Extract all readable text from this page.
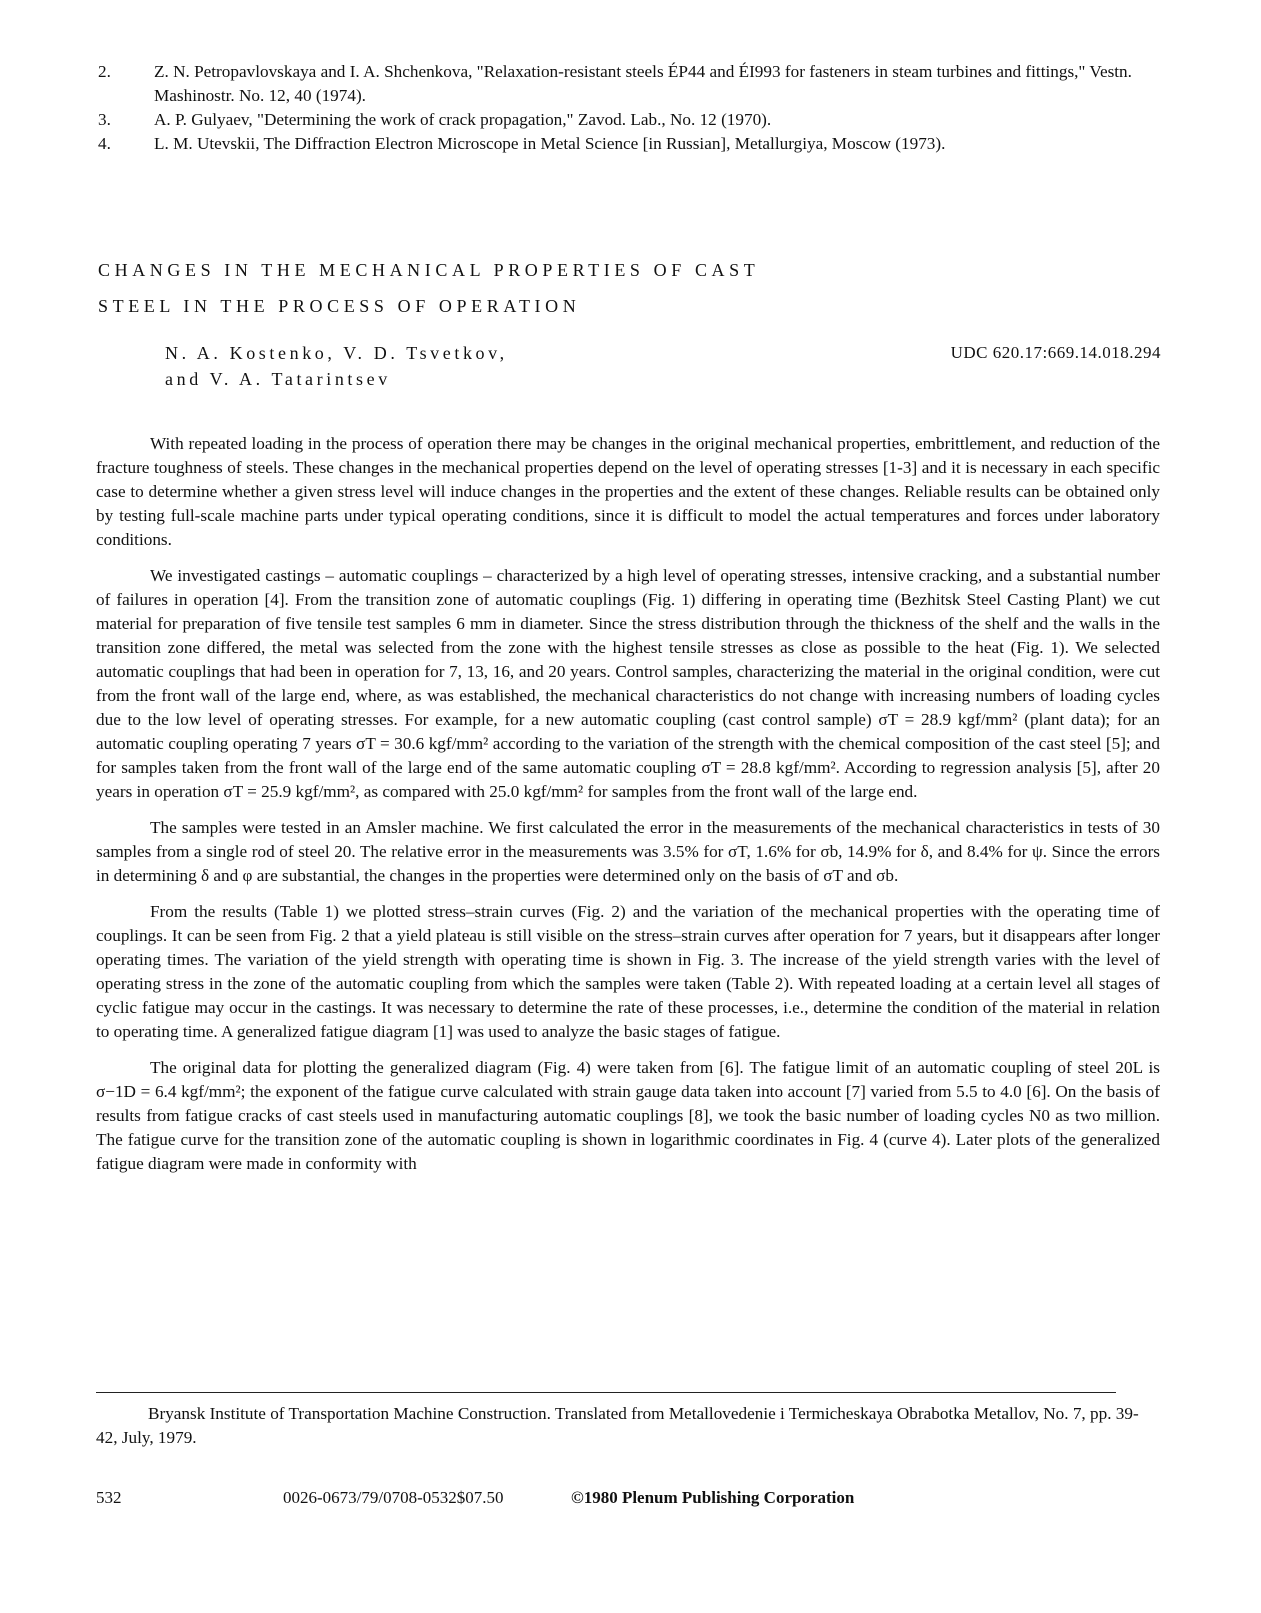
2.	Z. N. Petropavlovskaya and I. A. Shchenkova, "Relaxation-resistant steels ÉP44 and ÉI993 for fasteners in steam turbines and fittings," Vestn. Mashinostr. No. 12, 40 (1974).
3.	A. P. Gulyaev, "Determining the work of crack propagation," Zavod. Lab., No. 12 (1970).
4.	L. M. Utevskii, The Diffraction Electron Microscope in Metal Science [in Russian], Metallurgiya, Moscow (1973).
CHANGES IN THE MECHANICAL PROPERTIES OF CAST
STEEL IN THE PROCESS OF OPERATION
N. A. Kostenko, V. D. Tsvetkov,
and V. A. Tatarintsev
UDC 620.17:669.14.018.294

With repeated loading in the process of operation there may be changes in the original mechanical properties, embrittlement, and reduction of the fracture toughness of steels. These changes in the mechanical properties depend on the level of operating stresses [1-3] and it is necessary in each specific case to determine whether a given stress level will induce changes in the properties and the extent of these changes. Reliable results can be obtained only by testing full-scale machine parts under typical operating conditions, since it is difficult to model the actual temperatures and forces under laboratory conditions.

We investigated castings – automatic couplings – characterized by a high level of operating stresses, intensive cracking, and a substantial number of failures in operation [4]. From the transition zone of automatic couplings (Fig. 1) differing in operating time (Bezhitsk Steel Casting Plant) we cut material for preparation of five tensile test samples 6 mm in diameter. Since the stress distribution through the thickness of the shelf and the walls in the transition zone differed, the metal was selected from the zone with the highest tensile stresses as close as possible to the heat (Fig. 1). We selected automatic couplings that had been in operation for 7, 13, 16, and 20 years. Control samples, characterizing the material in the original condition, were cut from the front wall of the large end, where, as was established, the mechanical characteristics do not change with increasing numbers of loading cycles due to the low level of operating stresses. For example, for a new automatic coupling (cast control sample) σT = 28.9 kgf/mm² (plant data); for an automatic coupling operating 7 years σT = 30.6 kgf/mm² according to the variation of the strength with the chemical composition of the cast steel [5]; and for samples taken from the front wall of the large end of the same automatic coupling σT = 28.8 kgf/mm². According to regression analysis [5], after 20 years in operation σT = 25.9 kgf/mm², as compared with 25.0 kgf/mm² for samples from the front wall of the large end.

The samples were tested in an Amsler machine. We first calculated the error in the measurements of the mechanical characteristics in tests of 30 samples from a single rod of steel 20. The relative error in the measurements was 3.5% for σT, 1.6% for σb, 14.9% for δ, and 8.4% for ψ. Since the errors in determining δ and φ are substantial, the changes in the properties were determined only on the basis of σT and σb.

From the results (Table 1) we plotted stress–strain curves (Fig. 2) and the variation of the mechanical properties with the operating time of couplings. It can be seen from Fig. 2 that a yield plateau is still visible on the stress–strain curves after operation for 7 years, but it disappears after longer operating times. The variation of the yield strength with operating time is shown in Fig. 3. The increase of the yield strength varies with the level of operating stress in the zone of the automatic coupling from which the samples were taken (Table 2). With repeated loading at a certain level all stages of cyclic fatigue may occur in the castings. It was necessary to determine the rate of these processes, i.e., determine the condition of the material in relation to operating time. A generalized fatigue diagram [1] was used to analyze the basic stages of fatigue.

The original data for plotting the generalized diagram (Fig. 4) were taken from [6]. The fatigue limit of an automatic coupling of steel 20L is σ−1D = 6.4 kgf/mm²; the exponent of the fatigue curve calculated with strain gauge data taken into account [7] varied from 5.5 to 4.0 [6]. On the basis of results from fatigue cracks of cast steels used in manufacturing automatic couplings [8], we took the basic number of loading cycles N0 as two million. The fatigue curve for the transition zone of the automatic coupling is shown in logarithmic coordinates in Fig. 4 (curve 4). Later plots of the generalized fatigue diagram were made in conformity with

Bryansk Institute of Transportation Machine Construction. Translated from Metallovedenie i Termicheskaya Obrabotka Metallov, No. 7, pp. 39-42, July, 1979.
532	0026-0673/79/0708-0532$07.50	©1980 Plenum Publishing Corporation
